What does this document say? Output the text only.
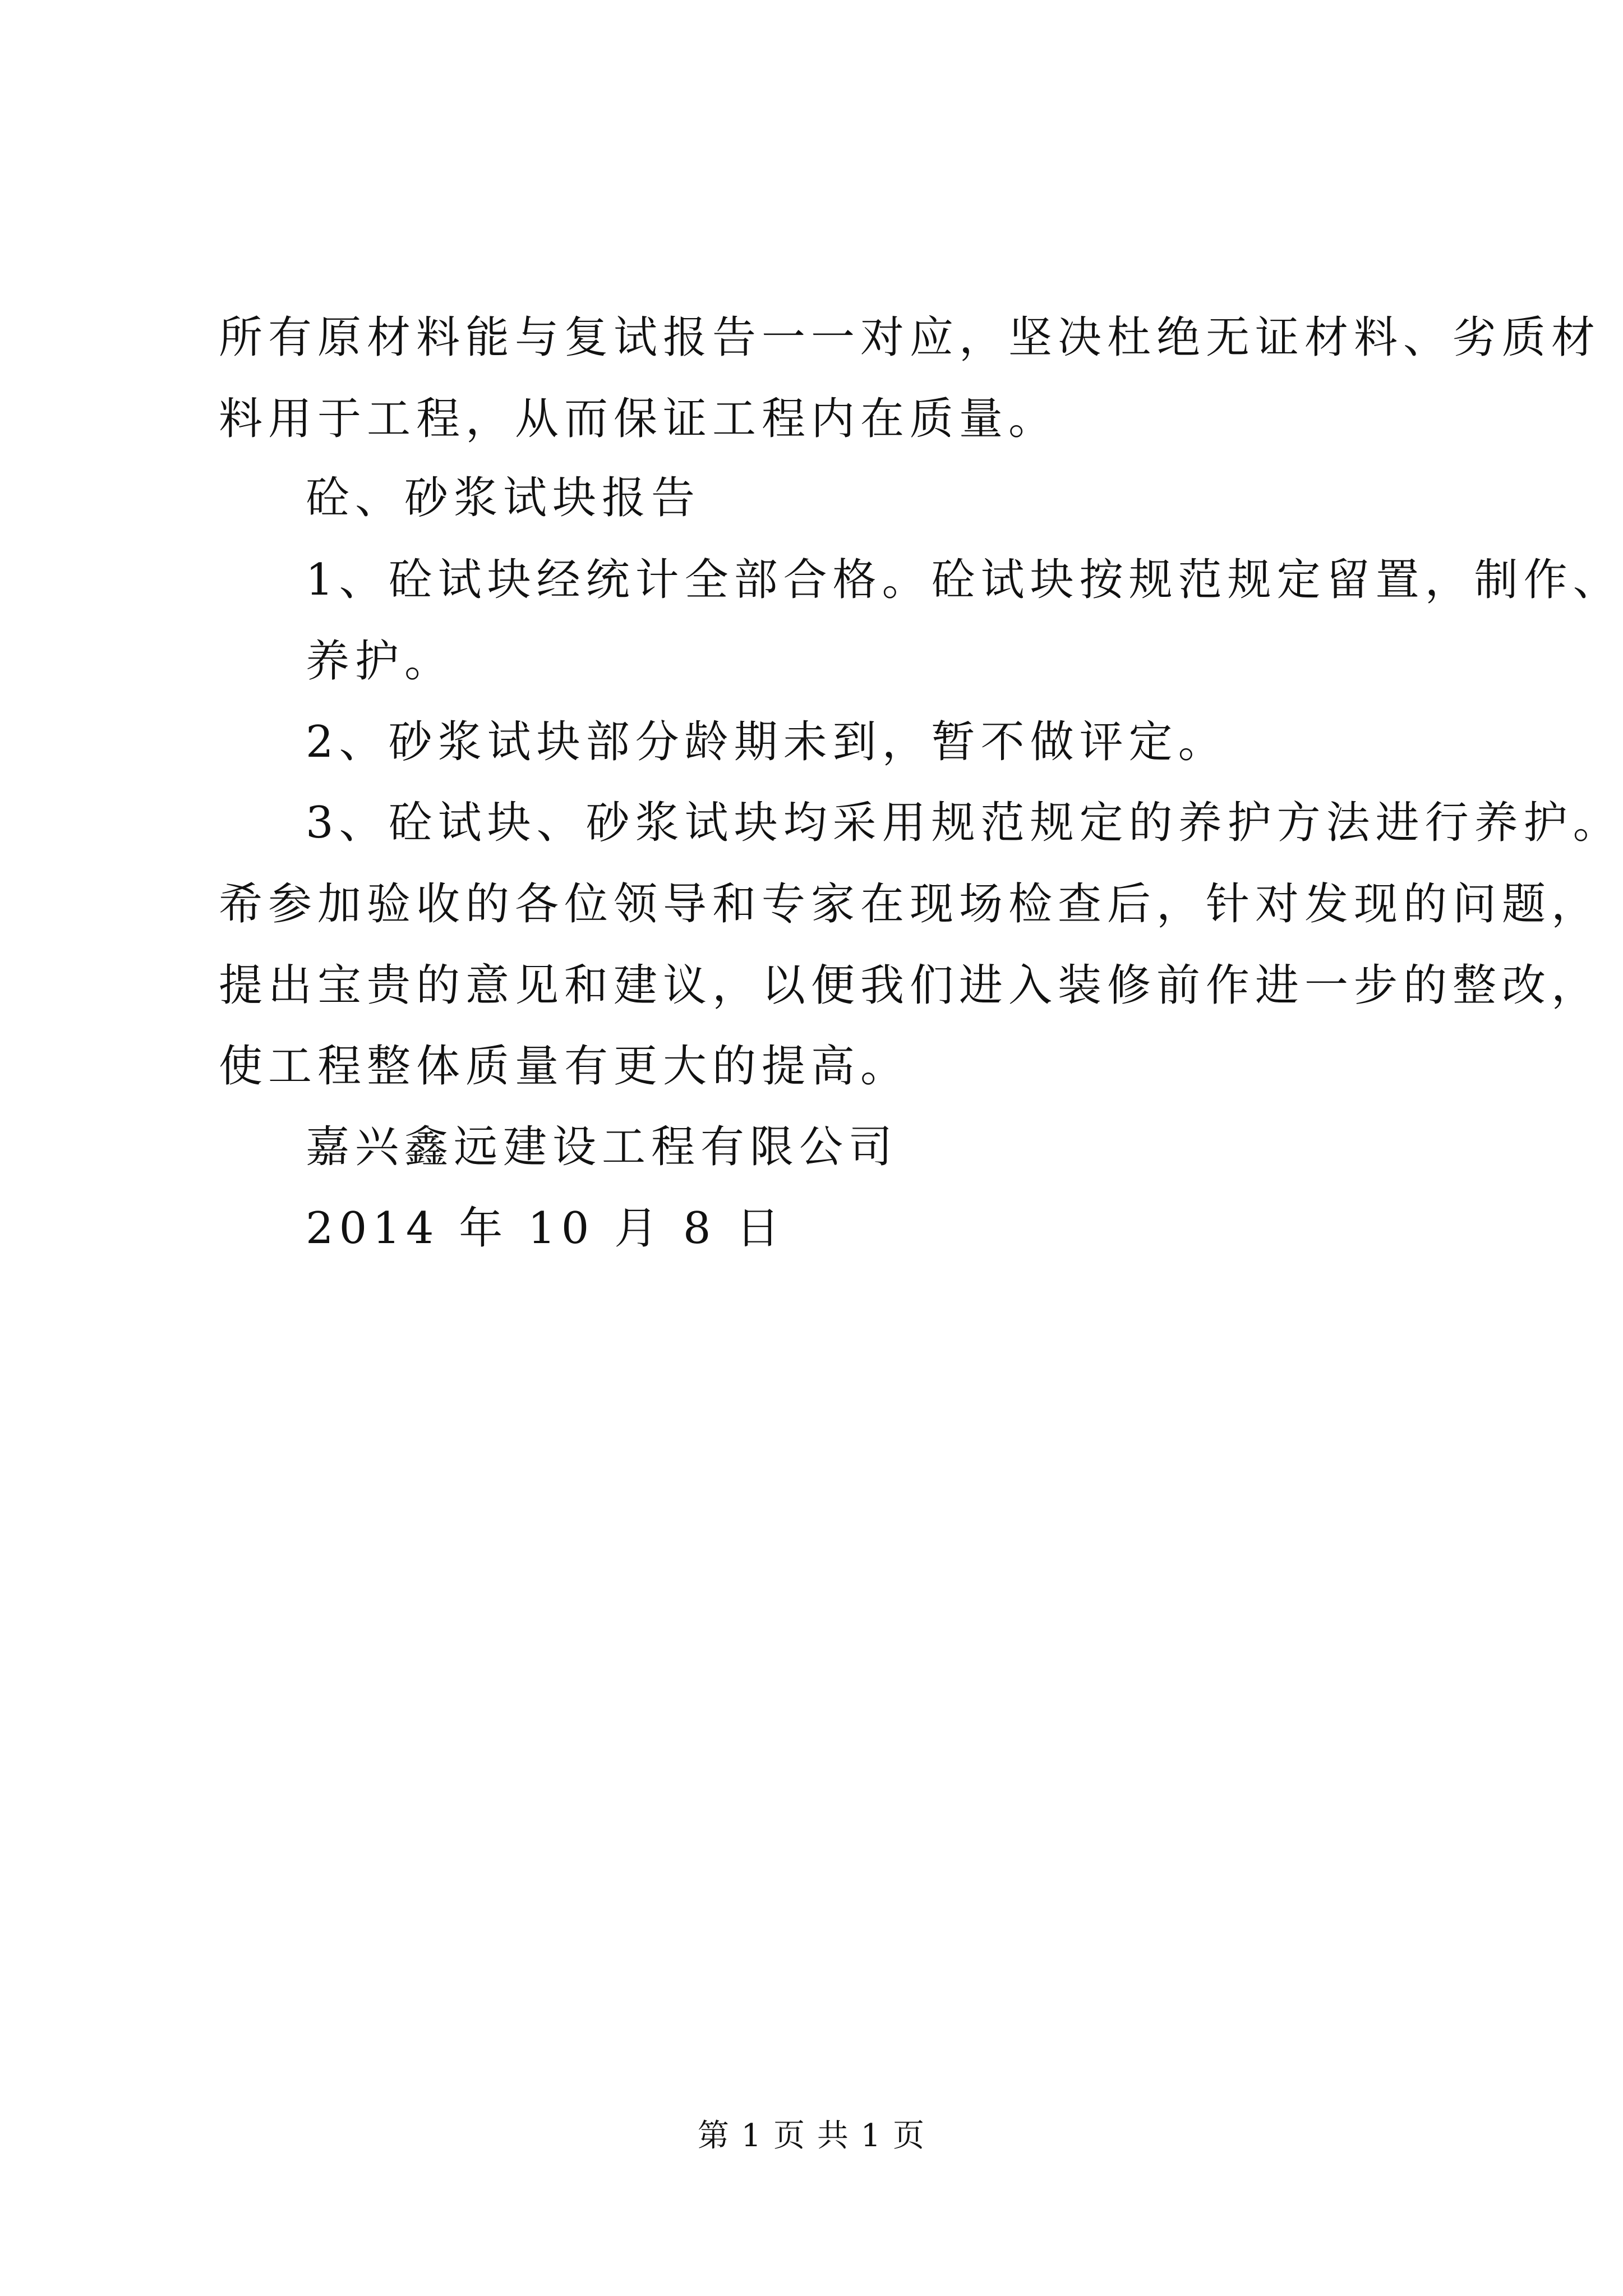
所有原材料能与复试报告一一对应，坚决杜绝无证材料、劣质材
料用于工程，从而保证工程内在质量。
砼、砂浆试块报告
1、砼试块经统计全部合格。砼试块按规范规定留置，制作、
养护。
2、砂浆试块部分龄期未到，暂不做评定。
3、砼试块、砂浆试块均采用规范规定的养护方法进行养护。
希参加验收的各位领导和专家在现场检查后，针对发现的问题，
提出宝贵的意见和建议，以便我们进入装修前作进一步的整改，
使工程整体质量有更大的提高。
嘉兴鑫远建设工程有限公司
2014 年 10 月 8 日
第 1 页 共 1 页
